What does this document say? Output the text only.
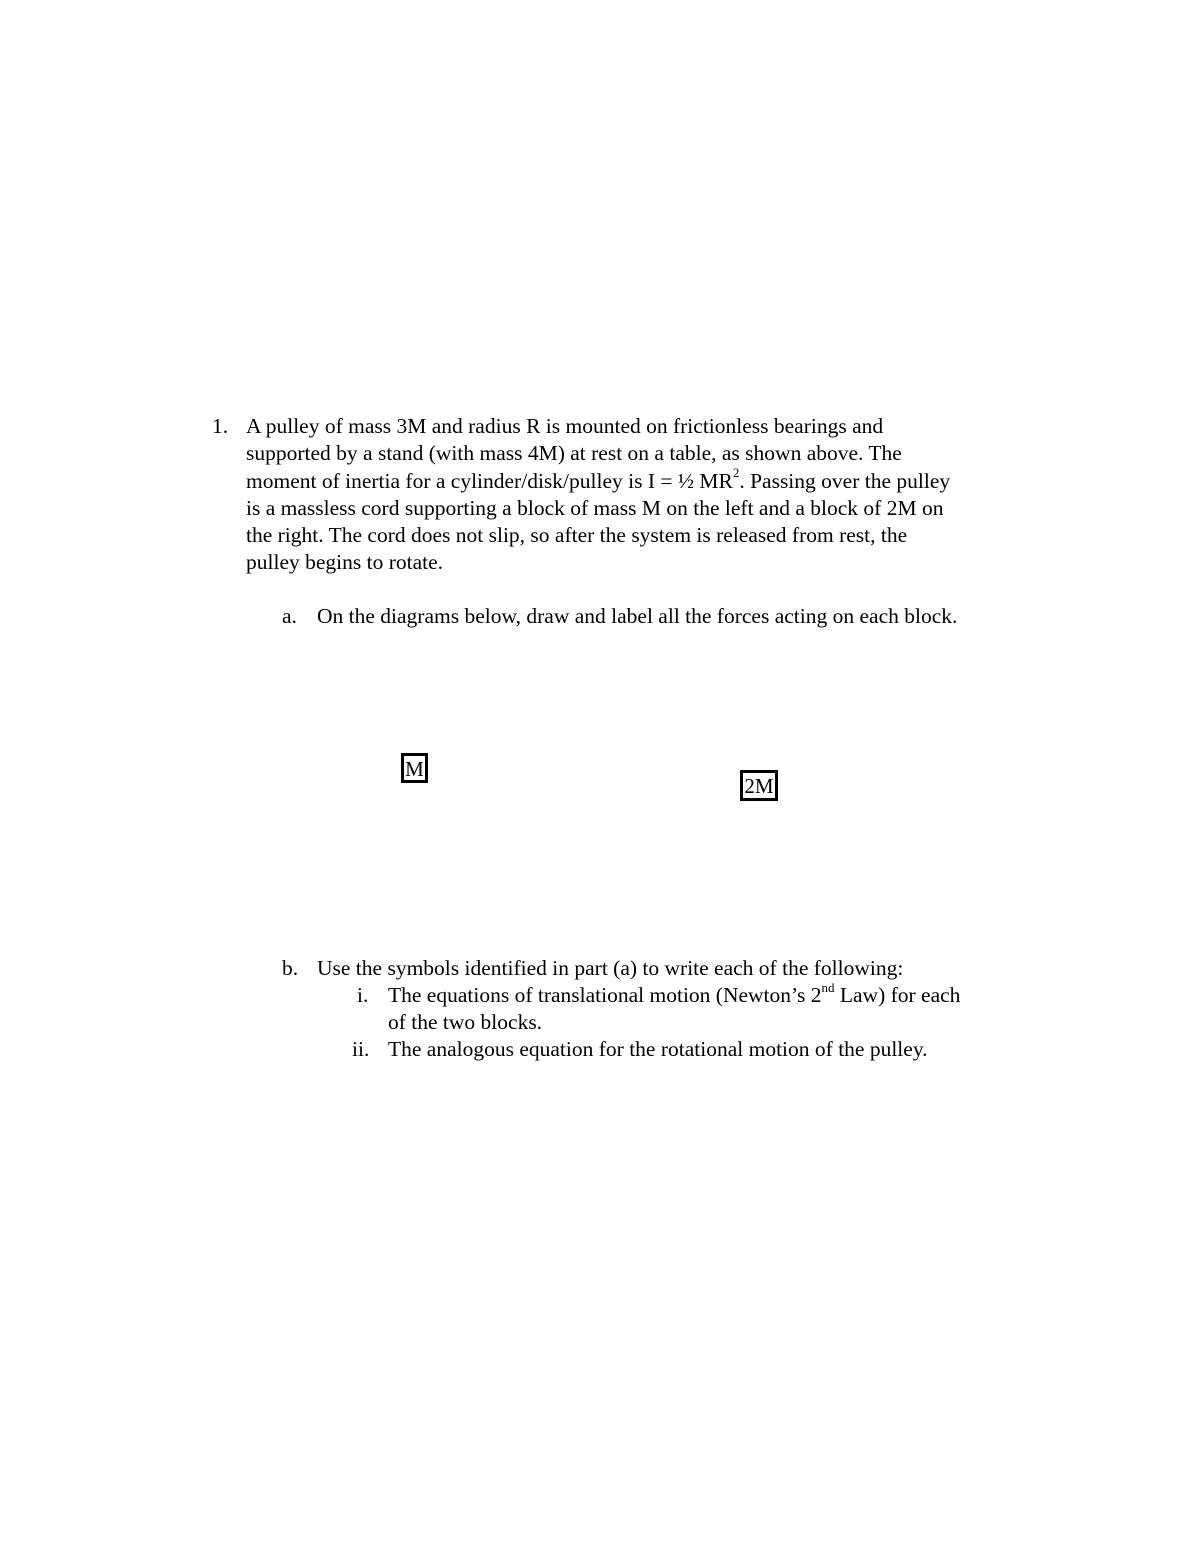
1. A pulley of mass 3M and radius R is mounted on frictionless bearings and
supported by a stand (with mass 4M) at rest on a table, as shown above. The
moment of inertia for a cylinder/disk/pulley is I = ½ $MR^2$. Passing over the pulley
is a massless cord supporting a block of mass M on the left and a block of 2M on
the right. The cord does not slip, so after the system is released from rest, the
pulley begins to rotate.
a. On the diagrams below, draw and label all the forces acting on each block.
M
2M
b. Use the symbols identified in part (a) to write each of the following:
i. The equations of translational motion (Newton’s 2nd Law) for each
of the two blocks.
ii. The analogous equation for the rotational motion of the pulley.
